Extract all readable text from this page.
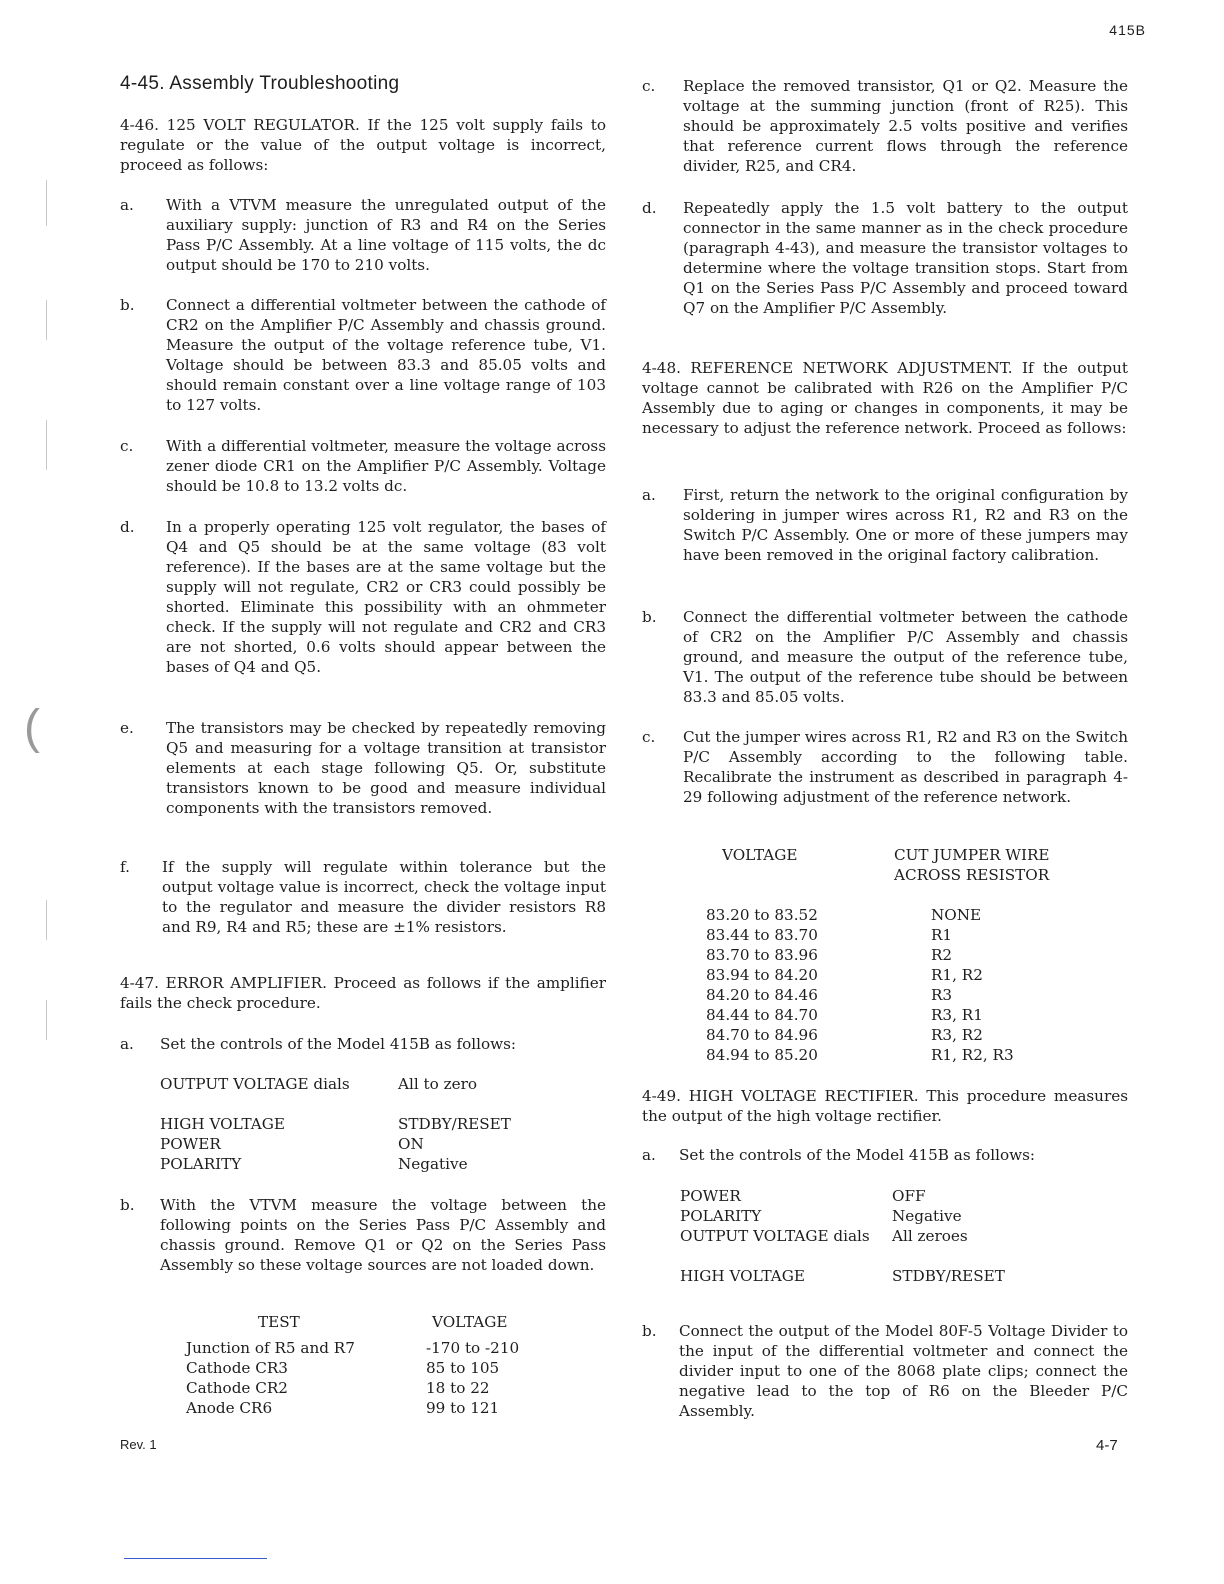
(
415B
4-45. Assembly Troubleshooting
4-46. 125 VOLT REGULATOR. If the 125 volt supply fails to regulate or the value of the output voltage is incorrect, proceed as follows:
a. With a VTVM measure the unregulated output of the auxiliary supply: junction of R3 and R4 on the Series Pass P/C Assembly. At a line voltage of 115 volts, the dc output should be 170 to 210 volts.
b. Connect a differential voltmeter between the cathode of CR2 on the Amplifier P/C Assembly and chassis ground. Measure the output of the voltage reference tube, V1. Voltage should be between 83.3 and 85.05 volts and should remain constant over a line voltage range of 103 to 127 volts.
c. With a differential voltmeter, measure the voltage across zener diode CR1 on the Amplifier P/C Assembly. Voltage should be 10.8 to 13.2 volts dc.
d. In a properly operating 125 volt regulator, the bases of Q4 and Q5 should be at the same voltage (83 volt reference). If the bases are at the same voltage but the supply will not regulate, CR2 or CR3 could possibly be shorted. Eliminate this possibility with an ohmmeter check. If the supply will not regulate and CR2 and CR3 are not shorted, 0.6 volts should appear between the bases of Q4 and Q5.
e. The transistors may be checked by repeatedly removing Q5 and measuring for a voltage transition at transistor elements at each stage following Q5. Or, substitute transistors known to be good and measure individual components with the transistors removed.
f. If the supply will regulate within tolerance but the output voltage value is incorrect, check the voltage input to the regulator and measure the divider resistors R8 and R9, R4 and R5; these are ±1% resistors.
4-47. ERROR AMPLIFIER. Proceed as follows if the amplifier fails the check procedure.
a. Set the controls of the Model 415B as follows:
OUTPUT VOLTAGE dials	All to zero
HIGH VOLTAGE	STDBY/RESET
POWER	ON
POLARITY	Negative
b. With the VTVM measure the voltage between the following points on the Series Pass P/C Assembly and chassis ground. Remove Q1 or Q2 on the Series Pass Assembly so these voltage sources are not loaded down.
TEST	VOLTAGE
Junction of R5 and R7	-170 to -210
Cathode CR3	85 to 105
Cathode CR2	18 to 22
Anode CR6	99 to 121
c. Replace the removed transistor, Q1 or Q2. Measure the voltage at the summing junction (front of R25). This should be approximately 2.5 volts positive and verifies that reference current flows through the reference divider, R25, and CR4.
d. Repeatedly apply the 1.5 volt battery to the output connector in the same manner as in the check procedure (paragraph 4-43), and measure the transistor voltages to determine where the voltage transition stops. Start from Q1 on the Series Pass P/C Assembly and proceed toward Q7 on the Amplifier P/C Assembly.
4-48. REFERENCE NETWORK ADJUSTMENT. If the output voltage cannot be calibrated with R26 on the Amplifier P/C Assembly due to aging or changes in components, it may be necessary to adjust the reference network. Proceed as follows:
a. First, return the network to the original configuration by soldering in jumper wires across R1, R2 and R3 on the Switch P/C Assembly. One or more of these jumpers may have been removed in the original factory calibration.
b. Connect the differential voltmeter between the cathode of CR2 on the Amplifier P/C Assembly and chassis ground, and measure the output of the reference tube, V1. The output of the reference tube should be between 83.3 and 85.05 volts.
c. Cut the jumper wires across R1, R2 and R3 on the Switch P/C Assembly according to the following table. Recalibrate the instrument as described in paragraph 4-29 following adjustment of the reference network.
VOLTAGE	CUT JUMPER WIRE ACROSS RESISTOR
83.20 to 83.52	NONE
83.44 to 83.70	R1
83.70 to 83.96	R2
83.94 to 84.20	R1, R2
84.20 to 84.46	R3
84.44 to 84.70	R3, R1
84.70 to 84.96	R3, R2
84.94 to 85.20	R1, R2, R3
4-49. HIGH VOLTAGE RECTIFIER. This procedure measures the output of the high voltage rectifier.
a. Set the controls of the Model 415B as follows:
POWER	OFF
POLARITY	Negative
OUTPUT VOLTAGE dials	All zeroes
HIGH VOLTAGE	STDBY/RESET
b. Connect the output of the Model 80F-5 Voltage Divider to the input of the differential voltmeter and connect the divider input to one of the 8068 plate clips; connect the negative lead to the top of R6 on the Bleeder P/C Assembly.
Rev. 1	4-7
